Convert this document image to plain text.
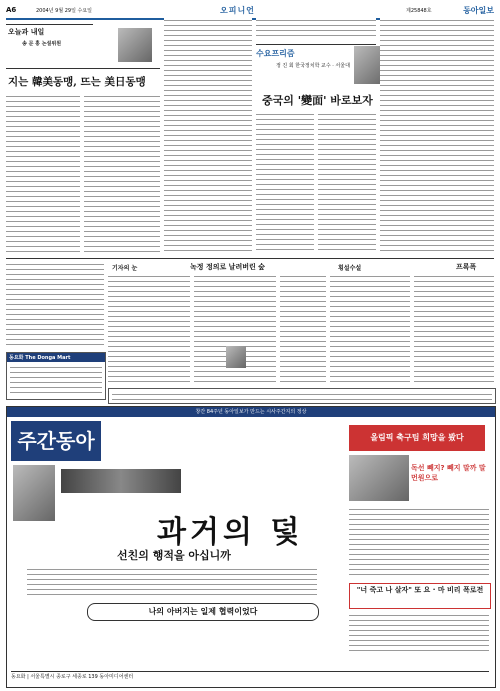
A6	2004년 9월 29일 수요일	오피니언	제25848호	동아일보
오늘과 내일
송 문 홍 논설위원
지는 韓美동맹, 뜨는 美日동맹
수요프리즘
정 진 회 한국정치학 교수 · 서울대
중국의 '變面' 바로보자
기자의 눈	녹정 정의로 날려버린 숲	횡설수설	프록폭
동요화 The Donga Mart
창간 84주년 동아일보가 만드는 시사주간지의 정상
주간동아
과거의 덫
선친의 행적을 아십니까
나의 아버지는 일제 협력이었다
올림픽 축구팀 희망을 봤다
독선 빼지? 빼지 말까 말 먼원으로
"너 죽고 나 살자" 또 요 · 마 비리 폭로전
동요화 | 서울특별시 종로구 세종로 139 동아미디어센터
